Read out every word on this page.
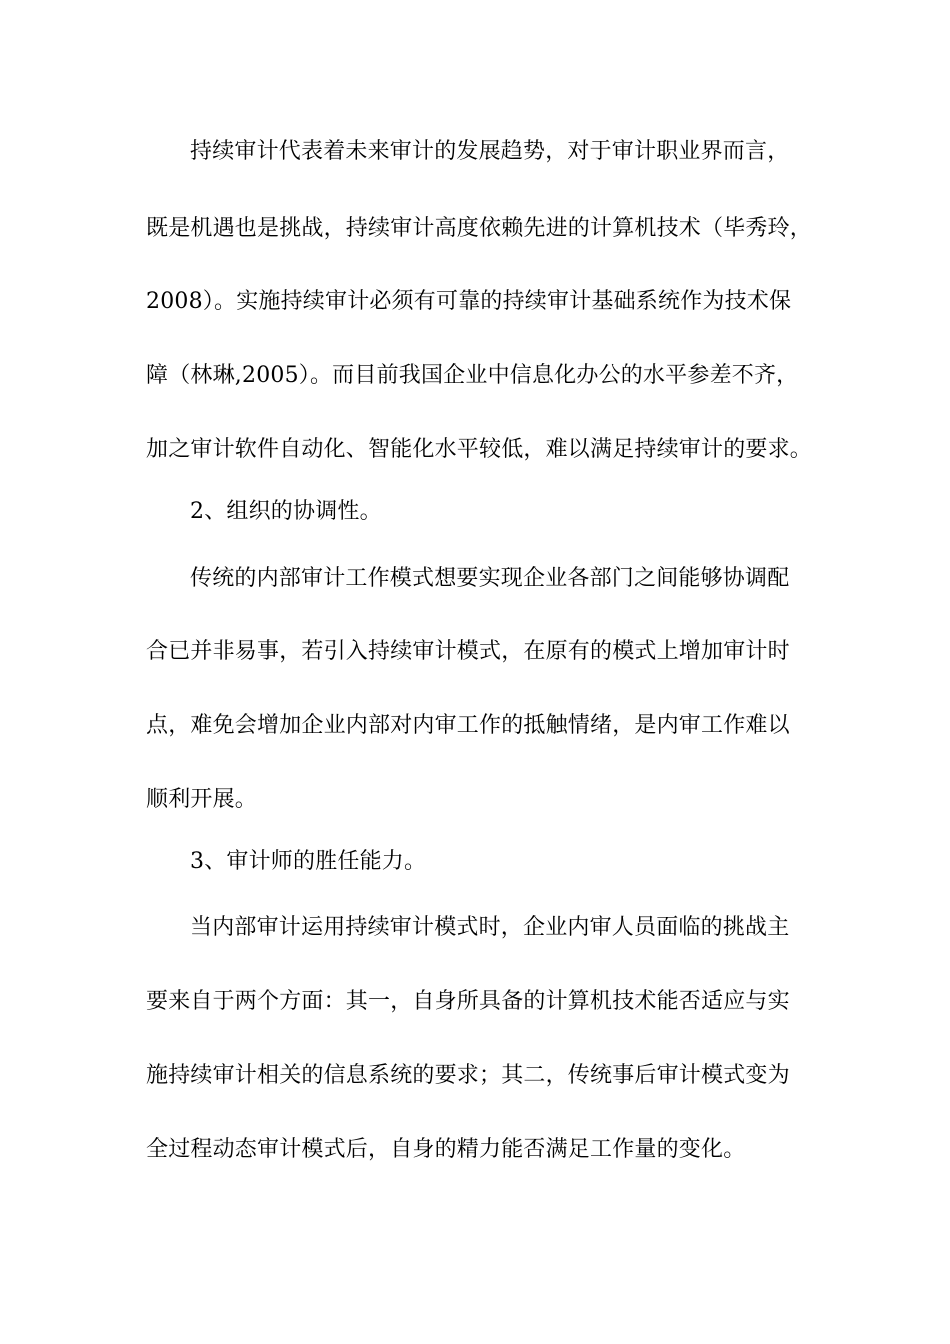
持续审计代表着未来审计的发展趋势，对于审计职业界而言，
既是机遇也是挑战，持续审计高度依赖先进的计算机技术（毕秀玲，
2008）。实施持续审计必须有可靠的持续审计基础系统作为技术保
障（林琳,2005）。而目前我国企业中信息化办公的水平参差不齐，
加之审计软件自动化、智能化水平较低，难以满足持续审计的要求。
2、组织的协调性。
传统的内部审计工作模式想要实现企业各部门之间能够协调配
合已并非易事，若引入持续审计模式，在原有的模式上增加审计时
点，难免会增加企业内部对内审工作的抵触情绪，是内审工作难以
顺利开展。
3、审计师的胜任能力。
当内部审计运用持续审计模式时，企业内审人员面临的挑战主
要来自于两个方面：其一，自身所具备的计算机技术能否适应与实
施持续审计相关的信息系统的要求；其二，传统事后审计模式变为
全过程动态审计模式后，自身的精力能否满足工作量的变化。
